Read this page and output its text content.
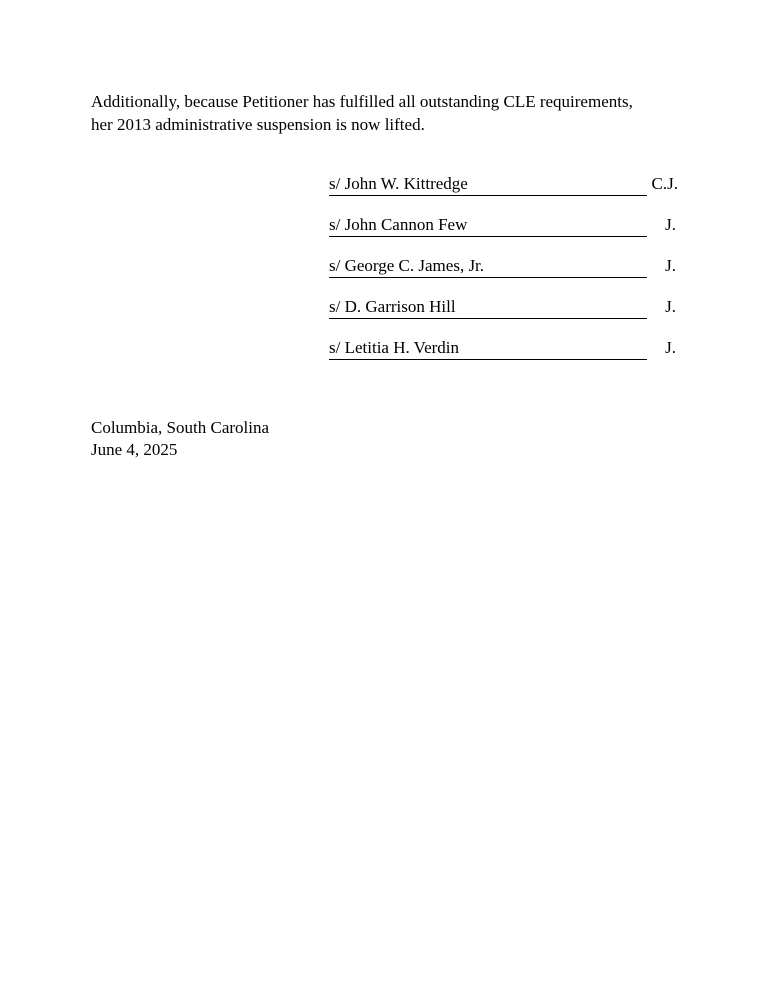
Additionally, because Petitioner has fulfilled all outstanding CLE requirements,
her 2013 administrative suspension is now lifted.

s/ John W. Kittredge	C.J.
s/ John Cannon Few	J.
s/ George C. James, Jr.	J.
s/ D. Garrison Hill	J.
s/ Letitia H. Verdin	J.
Columbia, South Carolina
June 4, 2025
